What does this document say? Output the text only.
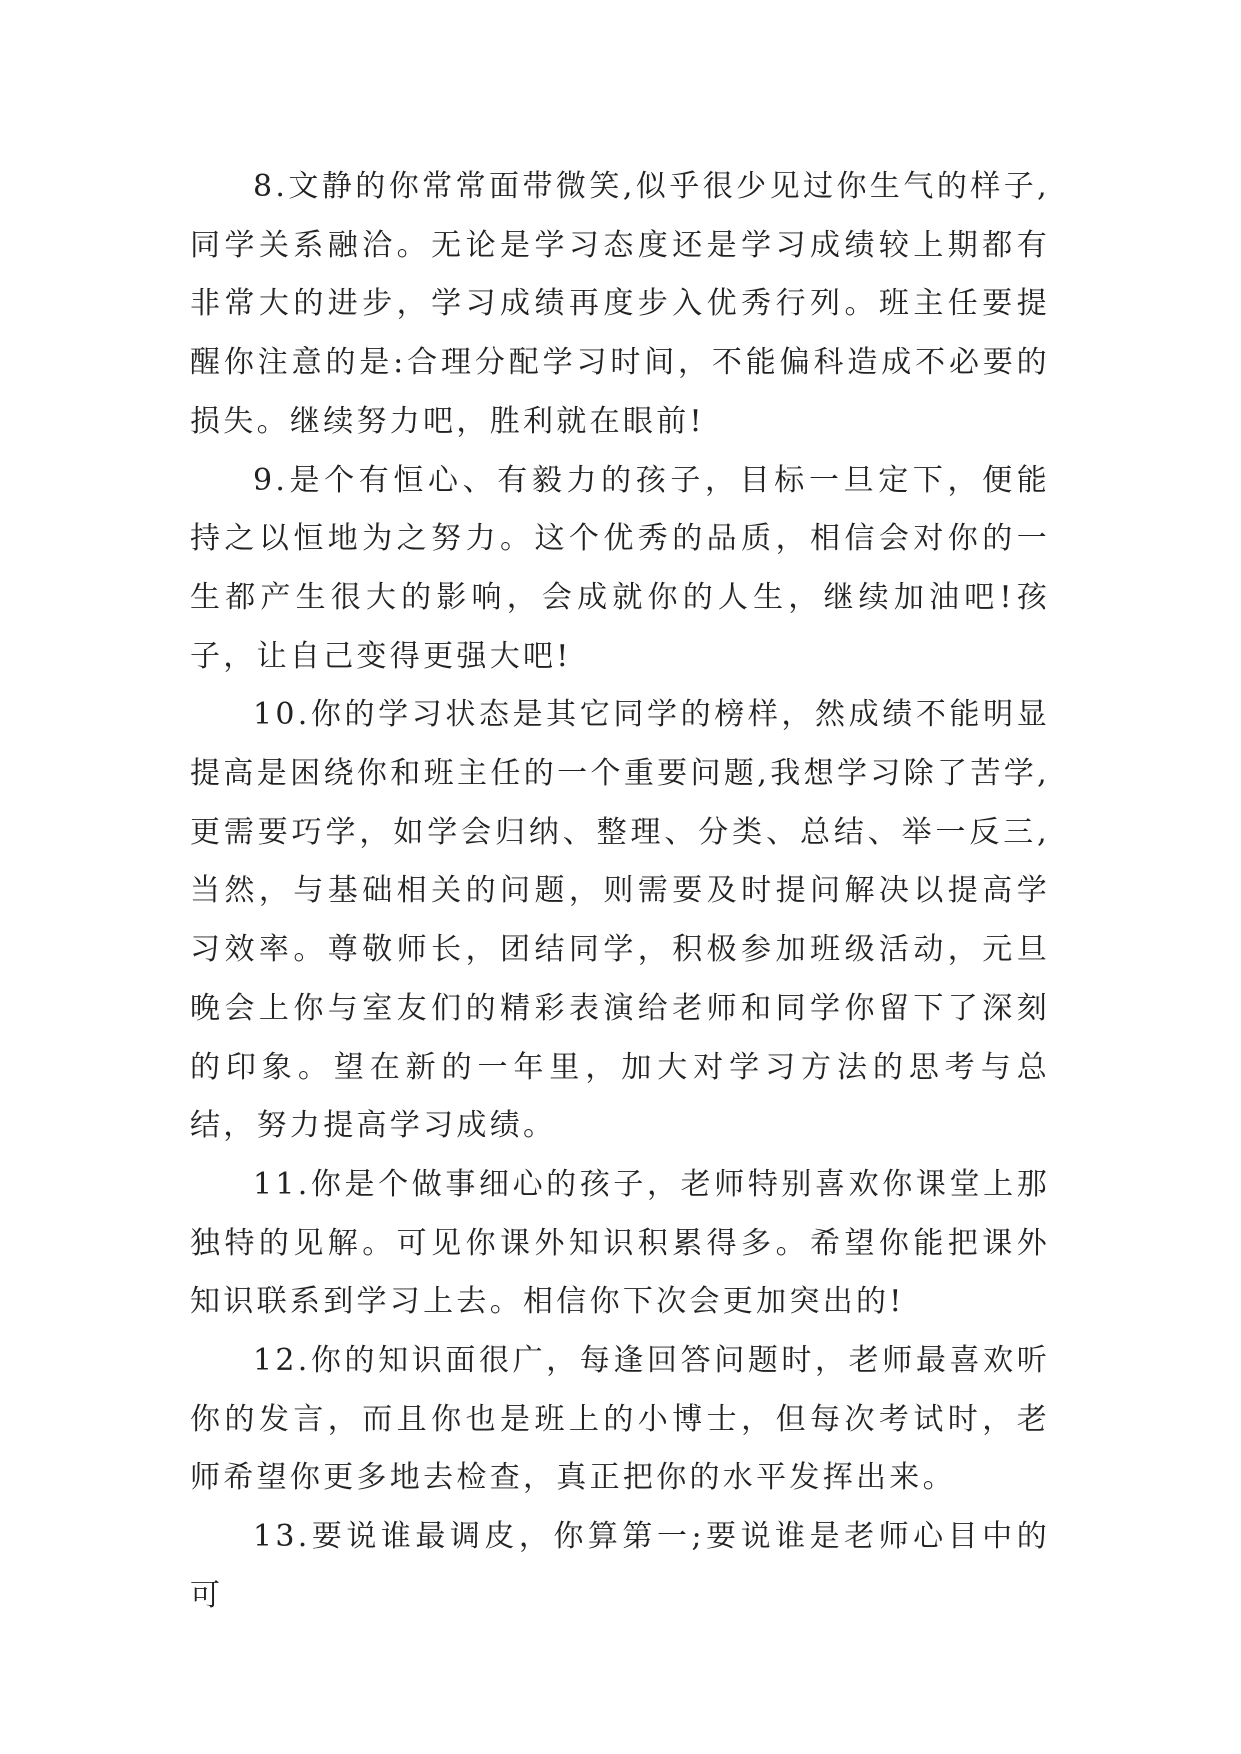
8.文静的你常常面带微笑,似乎很少见过你生气的样子,同学关系融洽。无论是学习态度还是学习成绩较上期都有非常大的进步，学习成绩再度步入优秀行列。班主任要提醒你注意的是:合理分配学习时间，不能偏科造成不必要的损失。继续努力吧，胜利就在眼前!

9.是个有恒心、有毅力的孩子，目标一旦定下，便能持之以恒地为之努力。这个优秀的品质，相信会对你的一生都产生很大的影响，会成就你的人生，继续加油吧!孩子，让自己变得更强大吧!

10.你的学习状态是其它同学的榜样，然成绩不能明显提高是困绕你和班主任的一个重要问题,我想学习除了苦学,更需要巧学，如学会归纳、整理、分类、总结、举一反三,当然，与基础相关的问题，则需要及时提问解决以提高学习效率。尊敬师长，团结同学，积极参加班级活动，元旦晚会上你与室友们的精彩表演给老师和同学你留下了深刻的印象。望在新的一年里，加大对学习方法的思考与总结，努力提高学习成绩。

11.你是个做事细心的孩子，老师特别喜欢你课堂上那独特的见解。可见你课外知识积累得多。希望你能把课外知识联系到学习上去。相信你下次会更加突出的!

12.你的知识面很广，每逢回答问题时，老师最喜欢听你的发言，而且你也是班上的小博士，但每次考试时，老师希望你更多地去检查，真正把你的水平发挥出来。

13.要说谁最调皮，你算第一;要说谁是老师心目中的可
